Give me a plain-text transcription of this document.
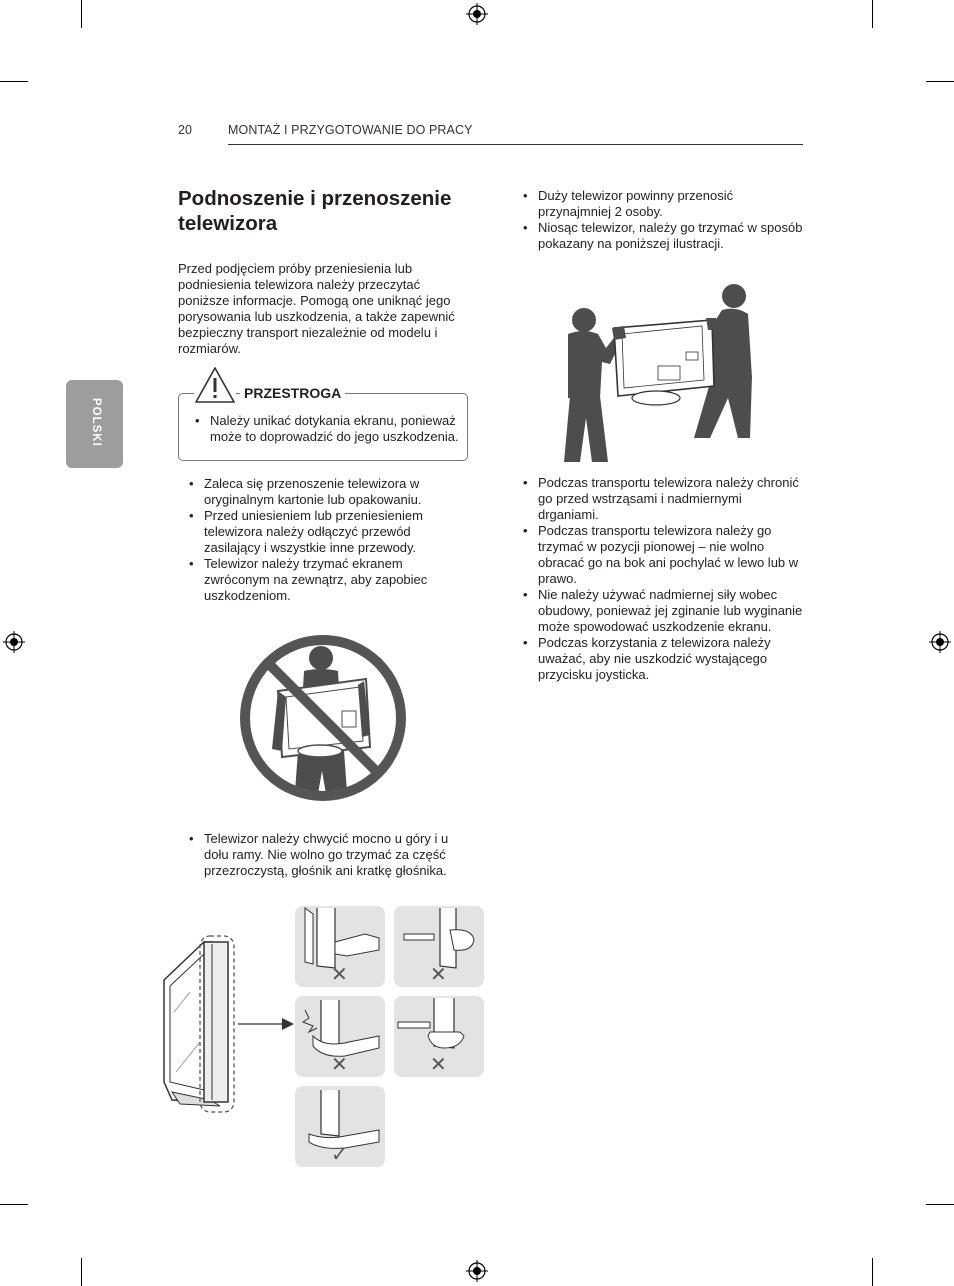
20	MONTAŻ I PRZYGOTOWANIE DO PRACY
POLSKI
Podnoszenie i przenoszenie telewizora
Przed podjęciem próby przeniesienia lub podniesienia telewizora należy przeczytać poniższe informacje. Pomogą one uniknąć jego porysowania lub uszkodzenia, a także zapewnić bezpieczny transport niezależnie od modelu i rozmiarów.
PRZESTROGA
• Należy unikać dotykania ekranu, ponieważ może to doprowadzić do jego uszkodzenia.
• Zaleca się przenoszenie telewizora w oryginalnym kartonie lub opakowaniu.
• Przed uniesieniem lub przeniesieniem telewizora należy odłączyć przewód zasilający i wszystkie inne przewody.
• Telewizor należy trzymać ekranem zwróconym na zewnątrz, aby zapobiec uszkodzeniom.
• Telewizor należy chwycić mocno u góry i u dołu ramy. Nie wolno go trzymać za część przezroczystą, głośnik ani kratkę głośnika.
✕	✕
✕	✕
✓
• Duży telewizor powinny przenosić przynajmniej 2 osoby.
• Niosąc telewizor, należy go trzymać w sposób pokazany na poniższej ilustracji.
• Podczas transportu telewizora należy chronić go przed wstrząsami i nadmiernymi drganiami.
• Podczas transportu telewizora należy go trzymać w pozycji pionowej – nie wolno obracać go na bok ani pochylać w lewo lub w prawo.
• Nie należy używać nadmiernej siły wobec obudowy, ponieważ jej zginanie lub wyginanie może spowodować uszkodzenie ekranu.
• Podczas korzystania z telewizora należy uważać, aby nie uszkodzić wystającego przycisku joysticka.
